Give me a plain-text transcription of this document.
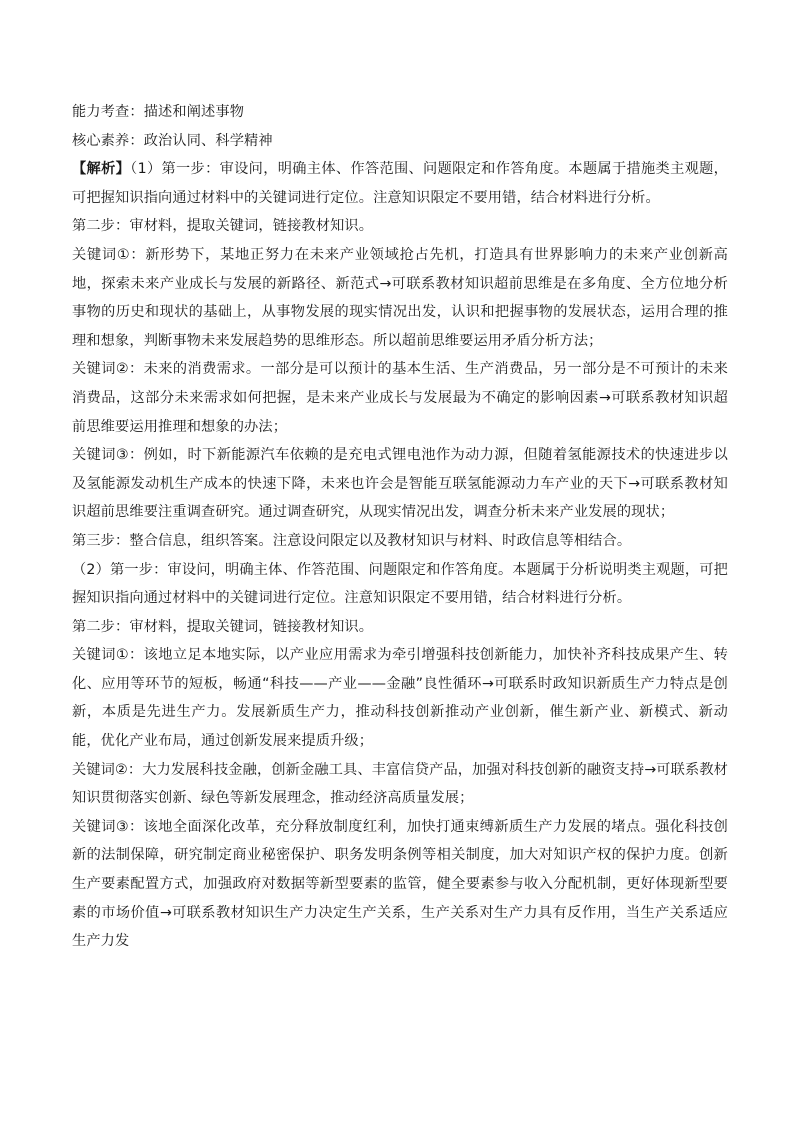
能力考查：描述和阐述事物

核心素养：政治认同、科学精神

【解析】（1）第一步：审设问，明确主体、作答范围、问题限定和作答角度。本题属于措施类主观题，可把握知识指向通过材料中的关键词进行定位。注意知识限定不要用错，结合材料进行分析。

第二步：审材料，提取关键词，链接教材知识。

关键词①：新形势下，某地正努力在未来产业领域抢占先机，打造具有世界影响力的未来产业创新高地，探索未来产业成长与发展的新路径、新范式→可联系教材知识超前思维是在多角度、全方位地分析事物的历史和现状的基础上，从事物发展的现实情况出发，认识和把握事物的发展状态，运用合理的推理和想象，判断事物未来发展趋势的思维形态。所以超前思维要运用矛盾分析方法；

关键词②：未来的消费需求。一部分是可以预计的基本生活、生产消费品，另一部分是不可预计的未来消费品，这部分未来需求如何把握，是未来产业成长与发展最为不确定的影响因素→可联系教材知识超前思维要运用推理和想象的办法；

关键词③：例如，时下新能源汽车依赖的是充电式锂电池作为动力源，但随着氢能源技术的快速进步以及氢能源发动机生产成本的快速下降，未来也许会是智能互联氢能源动力车产业的天下→可联系教材知识超前思维要注重调查研究。通过调查研究，从现实情况出发，调查分析未来产业发展的现状；

第三步：整合信息，组织答案。注意设问限定以及教材知识与材料、时政信息等相结合。

（2）第一步：审设问，明确主体、作答范围、问题限定和作答角度。本题属于分析说明类主观题，可把握知识指向通过材料中的关键词进行定位。注意知识限定不要用错，结合材料进行分析。

第二步：审材料，提取关键词，链接教材知识。

关键词①：该地立足本地实际，以产业应用需求为牵引增强科技创新能力，加快补齐科技成果产生、转化、应用等环节的短板，畅通“科技——产业——金融”良性循环→可联系时政知识新质生产力特点是创新，本质是先进生产力。发展新质生产力，推动科技创新推动产业创新，催生新产业、新模式、新动能，优化产业布局，通过创新发展来提质升级；

关键词②：大力发展科技金融，创新金融工具、丰富信贷产品，加强对科技创新的融资支持→可联系教材知识贯彻落实创新、绿色等新发展理念，推动经济高质量发展；

关键词③：该地全面深化改革，充分释放制度红利，加快打通束缚新质生产力发展的堵点。强化科技创新的法制保障，研究制定商业秘密保护、职务发明条例等相关制度，加大对知识产权的保护力度。创新生产要素配置方式，加强政府对数据等新型要素的监管，健全要素参与收入分配机制，更好体现新型要素的市场价值→可联系教材知识生产力决定生产关系，生产关系对生产力具有反作用，当生产关系适应生产力发
